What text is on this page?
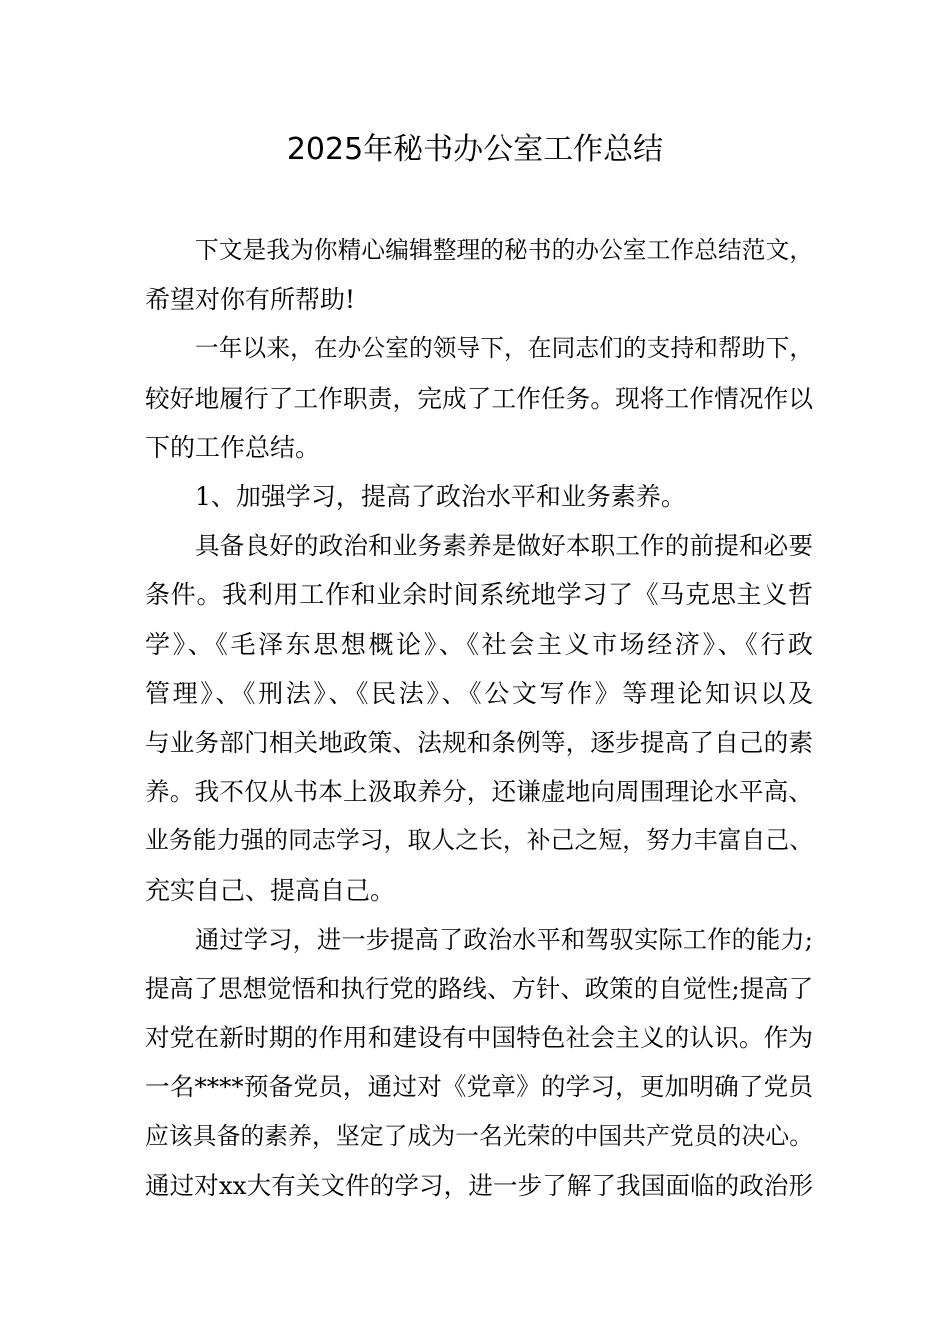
2025年秘书办公室工作总结
下文是我为你精心编辑整理的秘书的办公室工作总结范文，
希望对你有所帮助!
一年以来，在办公室的领导下，在同志们的支持和帮助下，
较好地履行了工作职责，完成了工作任务。现将工作情况作以
下的工作总结。
1、加强学习，提高了政治水平和业务素养。
具备良好的政治和业务素养是做好本职工作的前提和必要
条件。我利用工作和业余时间系统地学习了《马克思主义哲
学》、《毛泽东思想概论》、《社会主义市场经济》、《行政
管理》、《刑法》、《民法》、《公文写作》等理论知识以及
与业务部门相关地政策、法规和条例等，逐步提高了自己的素
养。我不仅从书本上汲取养分，还谦虚地向周围理论水平高、
业务能力强的同志学习，取人之长，补己之短，努力丰富自己、
充实自己、提高自己。
通过学习，进一步提高了政治水平和驾驭实际工作的能力;
提高了思想觉悟和执行党的路线、方针、政策的自觉性;提高了
对党在新时期的作用和建设有中国特色社会主义的认识。作为
一名****预备党员，通过对《党章》的学习，更加明确了党员
应该具备的素养，坚定了成为一名光荣的中国共产党员的决心。
通过对xx大有关文件的学习，进一步了解了我国面临的政治形
